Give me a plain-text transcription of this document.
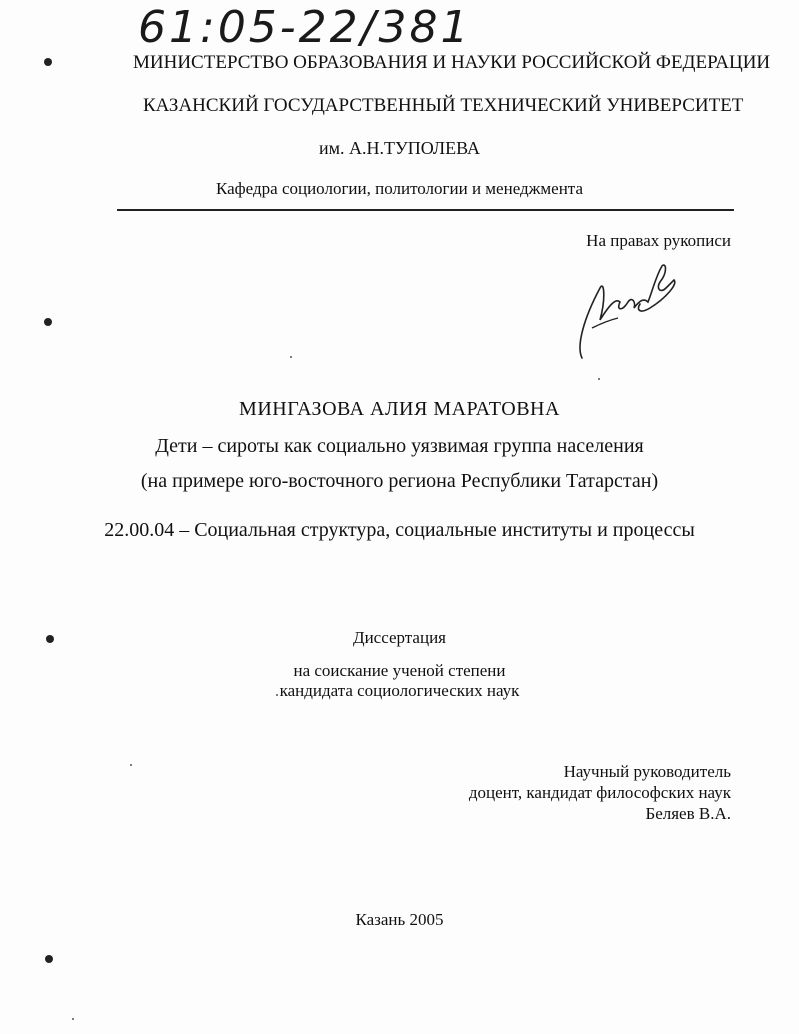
61:05-22/381
МИНИСТЕРСТВО ОБРАЗОВАНИЯ И НАУКИ РОССИЙСКОЙ ФЕДЕРАЦИИ
КАЗАНСКИЙ ГОСУДАРСТВЕННЫЙ ТЕХНИЧЕСКИЙ УНИВЕРСИТЕТ
им. А.Н.ТУПОЛЕВА
Кафедра социологии, политологии и менеджмента
На правах рукописи
МИНГАЗОВА АЛИЯ МАРАТОВНА
Дети – сироты как социально уязвимая группа населения
(на примере юго-восточного региона Республики Татарстан)
22.00.04 – Социальная структура, социальные институты и процессы
Диссертация
на соискание ученой степени
кандидата социологических наук
Научный руководитель
доцент, кандидат философских наук
Беляев В.А.
Казань 2005
